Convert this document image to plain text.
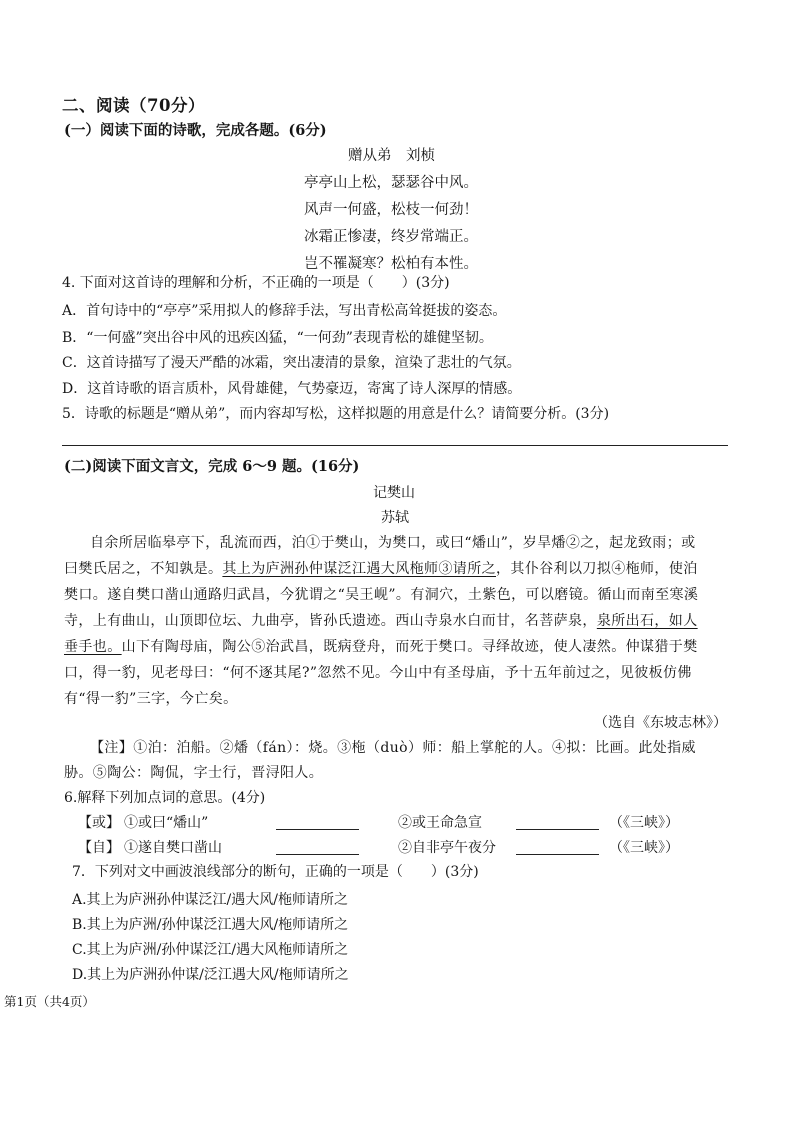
二、阅读（70分）
(一）阅读下面的诗歌，完成各题。(6分)
赠从弟　刘桢
亭亭山上松，瑟瑟谷中风。
风声一何盛，松枝一何劲！
冰霜正惨凄，终岁常端正。
岂不罹凝寒？松柏有本性。
4. 下面对这首诗的理解和分析，不正确的一项是（　　）(3分)
A．首句诗中的“亭亭”采用拟人的修辞手法，写出青松高耸挺拔的姿态。
B．“一何盛”突出谷中风的迅疾凶猛，“一何劲”表现青松的雄健坚韧。
C．这首诗描写了漫天严酷的冰霜，突出凄清的景象，渲染了悲壮的气氛。
D．这首诗歌的语言质朴，风骨雄健，气势豪迈，寄寓了诗人深厚的情感。
5．诗歌的标题是“赠从弟”，而内容却写松，这样拟题的用意是什么？请简要分析。(3分)
(二)阅读下面文言文，完成 6～9 题。(16分)
记樊山
苏轼
自余所居临皋亭下，乱流而西，泊①于樊山，为樊口，或曰“燔山”，岁旱燔②之，起龙致雨；或
曰樊氏居之，不知孰是。其上为庐洲孙仲谋泛江遇大风柂师③请所之，其仆谷利以刀拟④柂师，使泊
樊口。遂自樊口凿山通路归武昌，今犹谓之“吴王岘”。有洞穴，土紫色，可以磨镜。循山而南至寒溪
寺，上有曲山，山顶即位坛、九曲亭，皆孙氏遗迹。西山寺泉水白而甘，名菩萨泉，泉所出石，如人
垂手也。山下有陶母庙，陶公⑤治武昌，既病登舟，而死于樊口。寻绎故迹，使人凄然。仲谋猎于樊
口，得一豹，见老母曰：“何不逐其尾?”忽然不见。今山中有圣母庙，予十五年前过之，见彼板仿佛
有“得一豹”三字，今亡矣。
（选自《东坡志林》）
【注】①泊：泊船。②燔（fán）：烧。③柂（duò）师：船上掌舵的人。④拟：比画。此处指威
胁。⑤陶公：陶侃，字士行，晋浔阳人。
6.解释下列加点词的意思。(4分)
【或】 ①或曰“燔山”	②或王命急宣	（《三峡》）
【自】 ①遂自樊口凿山	②自非亭午夜分	（《三峡》）
7．下列对文中画波浪线部分的断句，正确的一项是（　　）(3分)
A.其上为庐洲孙仲谋泛江/遇大风/柂师请所之
B.其上为庐洲/孙仲谋泛江遇大风/柂师请所之
C.其上为庐洲/孙仲谋泛江/遇大风柂师请所之
D.其上为庐洲孙仲谋/泛江遇大风/柂师请所之
第1页（共4页）
